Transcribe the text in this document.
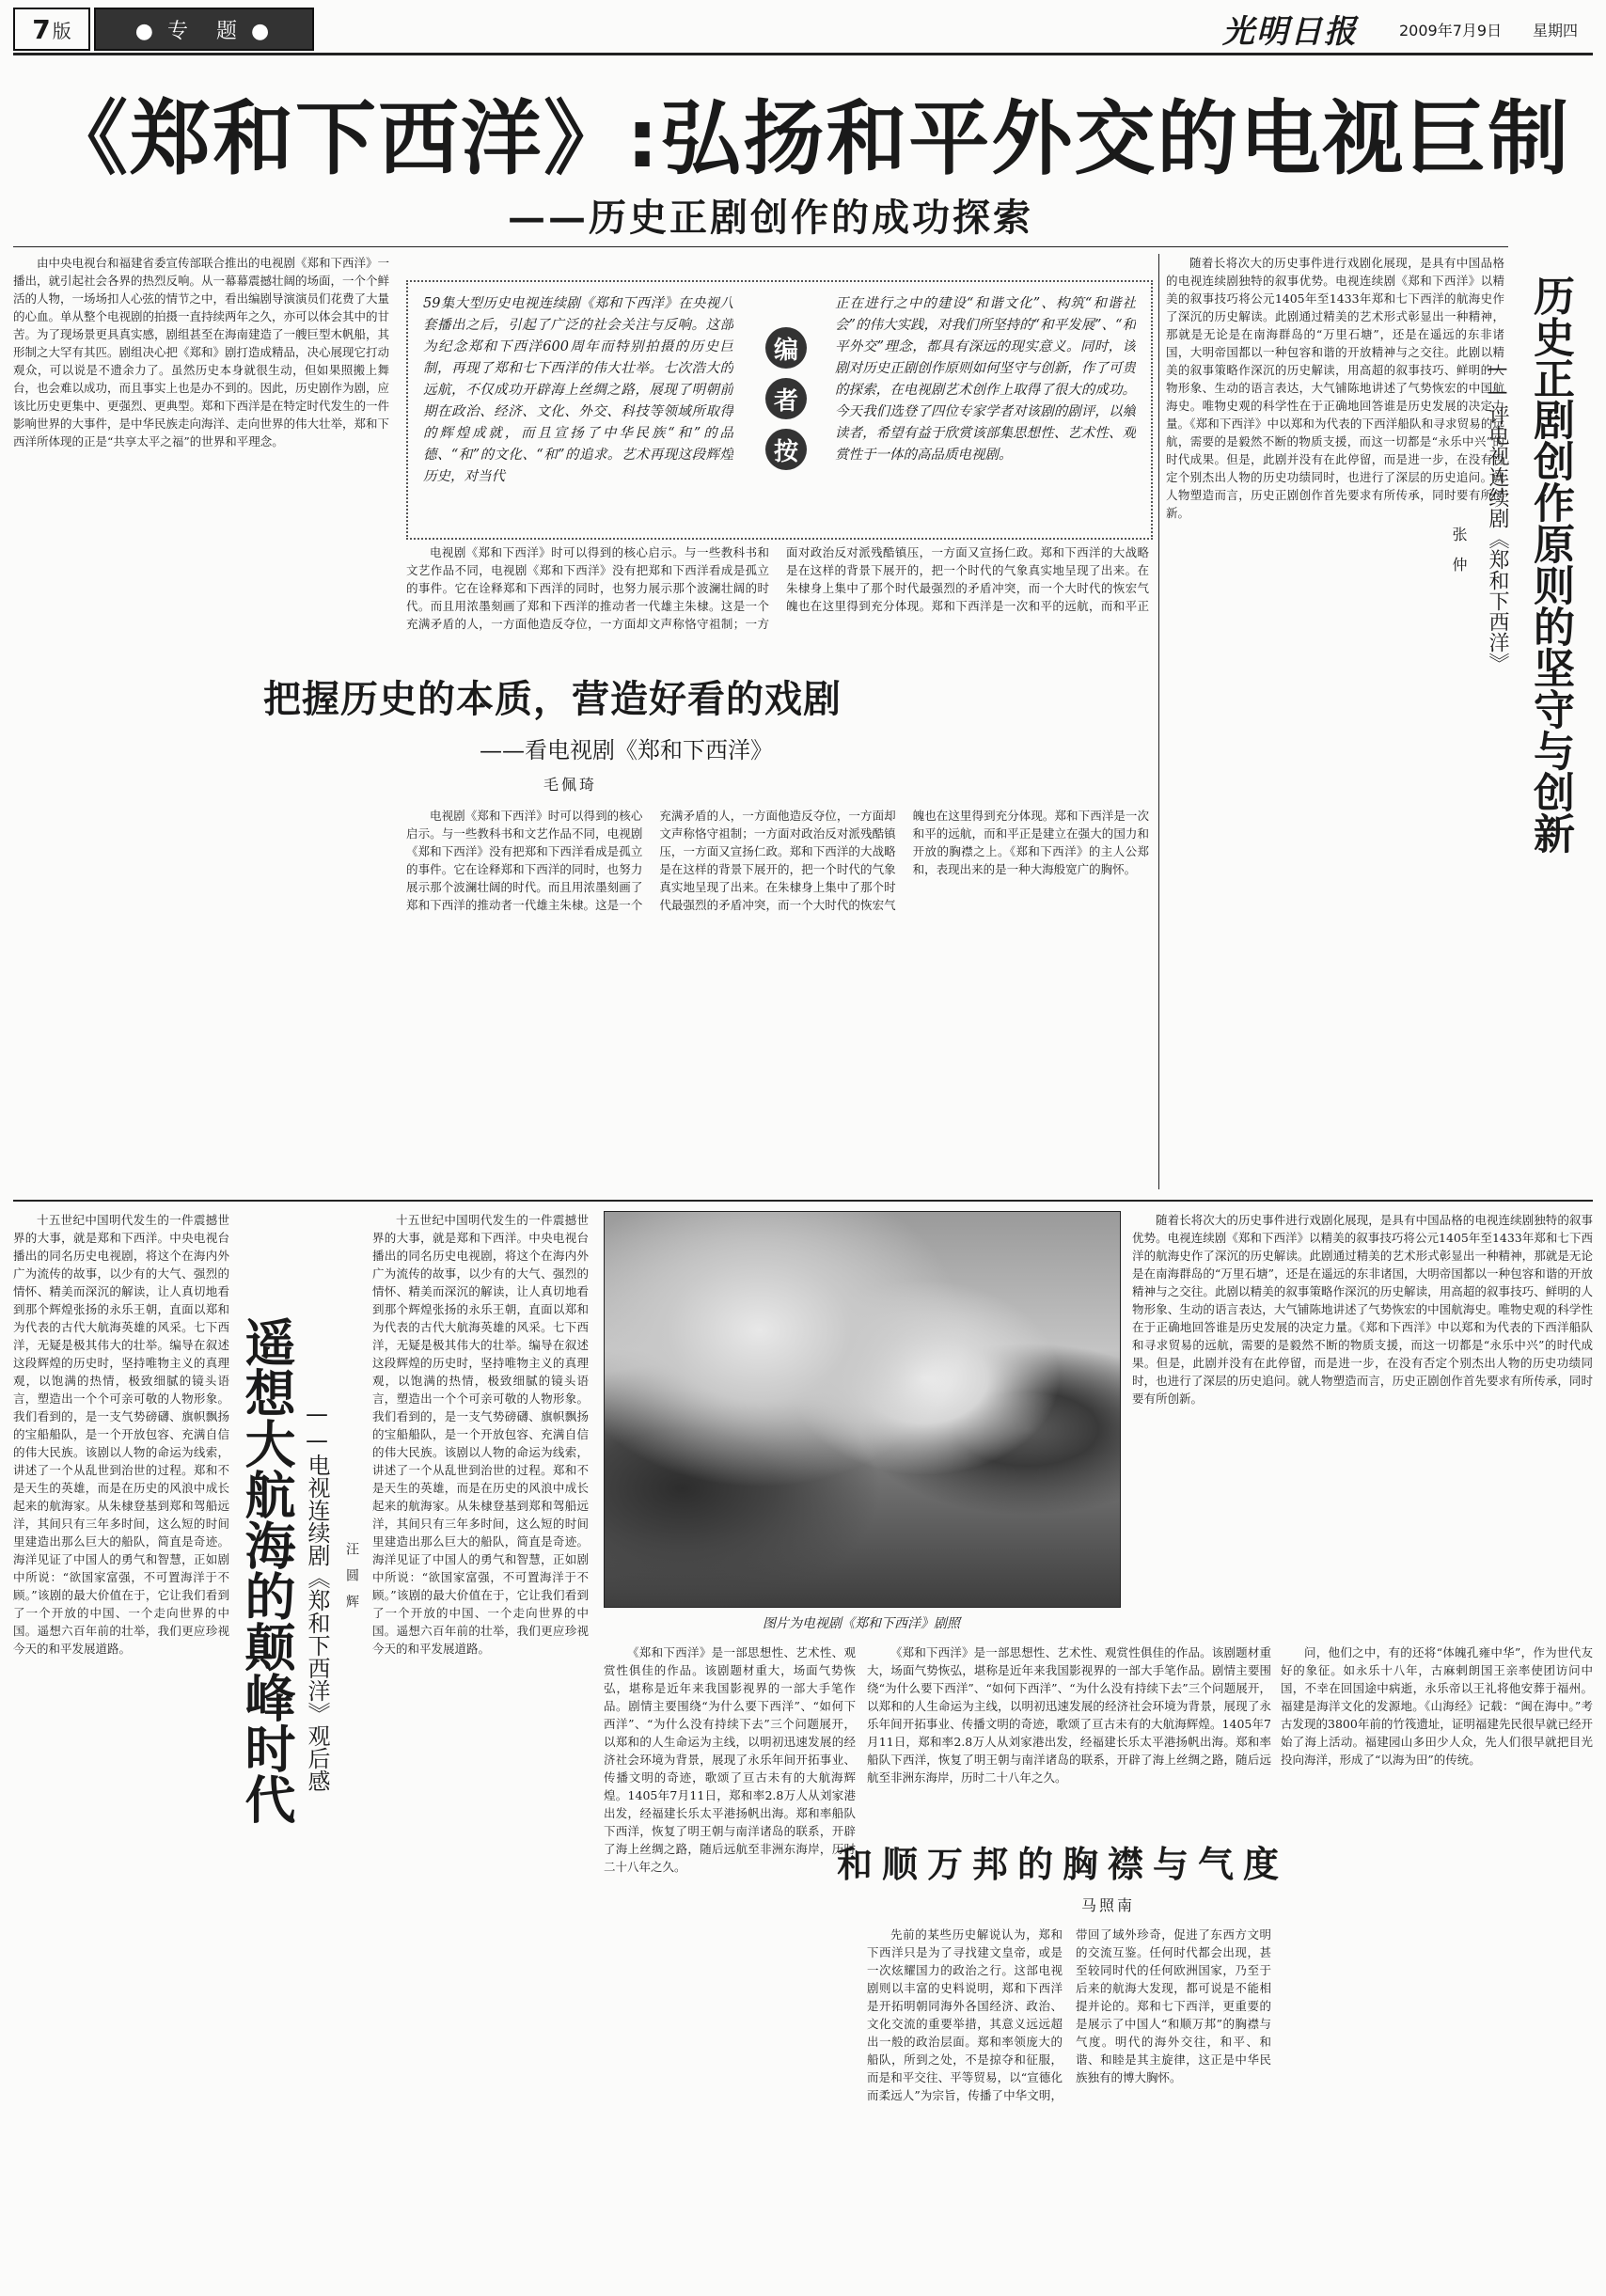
7 版	● 专　题 ●	光明日报	2009年7月9日 星期四
《郑和下西洋》:弘扬和平外交的电视巨制
——历史正剧创作的成功探索

由中央电视台和福建省委宣传部联合推出的电视剧《郑和下西洋》一播出，就引起社会各界的热烈反响。从一幕幕震撼壮阔的场面，一个个鲜活的人物，一场场扣人心弦的情节之中，看出编剧导演演员们花费了大量的心血。单从整个电视剧的拍摄一直持续两年之久，亦可以体会其中的甘苦。为了现场景更具真实感，剧组甚至在海南建造了一艘巨型木帆船，其形制之大罕有其匹。剧组决心把《郑和》剧打造成精品，决心展现它打动观众，可以说是不遗余力了。虽然历史本身就很生动，但如果照搬上舞台，也会难以成功，而且事实上也是办不到的。因此，历史剧作为剧，应该比历史更集中、更强烈、更典型。郑和下西洋是在特定时代发生的一件影响世界的大事件，是中华民族走向海洋、走向世界的伟大壮举，郑和下西洋所体现的正是“共享太平之福”的世界和平理念。

59集大型历史电视连续剧《郑和下西洋》在央视八套播出之后，引起了广泛的社会关注与反响。这部为纪念郑和下西洋600周年而特别拍摄的历史巨制，再现了郑和七下西洋的伟大壮举。七次浩大的远航，不仅成功开辟海上丝绸之路，展现了明朝前期在政治、经济、文化、外交、科技等领域所取得的辉煌成就，而且宣扬了中华民族“和”的品德、“和”的文化、“和”的追求。艺术再现这段辉煌历史，对当代
编
者
按
正在进行之中的建设“和谐文化”、构筑“和谐社会”的伟大实践，对我们所坚持的“和平发展”、“和平外交”理念，都具有深远的现实意义。同时，该剧对历史正剧创作原则如何坚守与创新，作了可贵的探索，在电视剧艺术创作上取得了很大的成功。今天我们选登了四位专家学者对该剧的剧评，以飨读者，希望有益于欣赏该部集思想性、艺术性、观赏性于一体的高品质电视剧。

电视剧《郑和下西洋》时可以得到的核心启示。与一些教科书和文艺作品不同，电视剧《郑和下西洋》没有把郑和下西洋看成是孤立的事件。它在诠释郑和下西洋的同时，也努力展示那个波澜壮阔的时代。而且用浓墨刻画了郑和下西洋的推动者一代雄主朱棣。这是一个充满矛盾的人，一方面他造反夺位，一方面却文声称恪守祖制；一方面对政治反对派残酷镇压，一方面又宣扬仁政。郑和下西洋的大战略是在这样的背景下展开的，把一个时代的气象真实地呈现了出来。在朱棣身上集中了那个时代最强烈的矛盾冲突，而一个大时代的恢宏气魄也在这里得到充分体现。郑和下西洋是一次和平的远航，而和平正

把握历史的本质，营造好看的戏剧
——看电视剧《郑和下西洋》
毛佩琦

电视剧《郑和下西洋》时可以得到的核心启示。与一些教科书和文艺作品不同，电视剧《郑和下西洋》没有把郑和下西洋看成是孤立的事件。它在诠释郑和下西洋的同时，也努力展示那个波澜壮阔的时代。而且用浓墨刻画了郑和下西洋的推动者一代雄主朱棣。这是一个充满矛盾的人，一方面他造反夺位，一方面却文声称恪守祖制；一方面对政治反对派残酷镇压，一方面又宣扬仁政。郑和下西洋的大战略是在这样的背景下展开的，把一个时代的气象真实地呈现了出来。在朱棣身上集中了那个时代最强烈的矛盾冲突，而一个大时代的恢宏气魄也在这里得到充分体现。郑和下西洋是一次和平的远航，而和平正是建立在强大的国力和开放的胸襟之上。《郑和下西洋》的主人公郑和，表现出来的是一种大海般宽广的胸怀。

随着长将次大的历史事件进行戏剧化展现，是具有中国品格的电视连续剧独特的叙事优势。电视连续剧《郑和下西洋》以精美的叙事技巧将公元1405年至1433年郑和七下西洋的航海史作了深沉的历史解读。此剧通过精美的艺术形式彰显出一种精神，那就是无论是在南海群岛的“万里石塘”，还是在遥远的东非诸国，大明帝国都以一种包容和谐的开放精神与之交往。此剧以精美的叙事策略作深沉的历史解读，用高超的叙事技巧、鲜明的人物形象、生动的语言表达，大气铺陈地讲述了气势恢宏的中国航海史。唯物史观的科学性在于正确地回答谁是历史发展的决定力量。《郑和下西洋》中以郑和为代表的下西洋船队和寻求贸易的远航，需要的是毅然不断的物质支援，而这一切都是“永乐中兴”的时代成果。但是，此剧并没有在此停留，而是进一步，在没有否定个别杰出人物的历史功绩同时，也进行了深层的历史追问。就人物塑造而言，历史正剧创作首先要求有所传承，同时要有所创新。	历史正剧创作原则的坚守与创新
——评电视连续剧《郑和下西洋》
张　仲

十五世纪中国明代发生的一件震撼世界的大事，就是郑和下西洋。中央电视台播出的同名历史电视剧，将这个在海内外广为流传的故事，以少有的大气、强烈的情怀、精美而深沉的解读，让人真切地看到那个辉煌张扬的永乐王朝，直面以郑和为代表的古代大航海英雄的风采。七下西洋，无疑是极其伟大的壮举。编导在叙述这段辉煌的历史时，坚持唯物主义的真理观，以饱满的热情，极致细腻的镜头语言，塑造出一个个可亲可敬的人物形象。我们看到的，是一支气势磅礴、旗帜飘扬的宝船船队，是一个开放包容、充满自信的伟大民族。该剧以人物的命运为线索，讲述了一个从乱世到治世的过程。郑和不是天生的英雄，而是在历史的风浪中成长起来的航海家。从朱棣登基到郑和驾船远洋，其间只有三年多时间，这么短的时间里建造出那么巨大的船队，简直是奇迹。海洋见证了中国人的勇气和智慧，正如剧中所说：“欲国家富强，不可置海洋于不顾。”该剧的最大价值在于，它让我们看到了一个开放的中国、一个走向世界的中国。遥想六百年前的壮举，我们更应珍视今天的和平发展道路。	遥想大航海的颠峰时代 ——电视连续剧《郑和下西洋》观后感 汪　圆　辉

十五世纪中国明代发生的一件震撼世界的大事，就是郑和下西洋。中央电视台播出的同名历史电视剧，将这个在海内外广为流传的故事，以少有的大气、强烈的情怀、精美而深沉的解读，让人真切地看到那个辉煌张扬的永乐王朝，直面以郑和为代表的古代大航海英雄的风采。七下西洋，无疑是极其伟大的壮举。编导在叙述这段辉煌的历史时，坚持唯物主义的真理观，以饱满的热情，极致细腻的镜头语言，塑造出一个个可亲可敬的人物形象。我们看到的，是一支气势磅礴、旗帜飘扬的宝船船队，是一个开放包容、充满自信的伟大民族。该剧以人物的命运为线索，讲述了一个从乱世到治世的过程。郑和不是天生的英雄，而是在历史的风浪中成长起来的航海家。从朱棣登基到郑和驾船远洋，其间只有三年多时间，这么短的时间里建造出那么巨大的船队，简直是奇迹。海洋见证了中国人的勇气和智慧，正如剧中所说：“欲国家富强，不可置海洋于不顾。”该剧的最大价值在于，它让我们看到了一个开放的中国、一个走向世界的中国。遥想六百年前的壮举，我们更应珍视今天的和平发展道路。

图片为电视剧《郑和下西洋》剧照

随着长将次大的历史事件进行戏剧化展现，是具有中国品格的电视连续剧独特的叙事优势。电视连续剧《郑和下西洋》以精美的叙事技巧将公元1405年至1433年郑和七下西洋的航海史作了深沉的历史解读。此剧通过精美的艺术形式彰显出一种精神，那就是无论是在南海群岛的“万里石塘”，还是在遥远的东非诸国，大明帝国都以一种包容和谐的开放精神与之交往。此剧以精美的叙事策略作深沉的历史解读，用高超的叙事技巧、鲜明的人物形象、生动的语言表达，大气铺陈地讲述了气势恢宏的中国航海史。唯物史观的科学性在于正确地回答谁是历史发展的决定力量。《郑和下西洋》中以郑和为代表的下西洋船队和寻求贸易的远航，需要的是毅然不断的物质支援，而这一切都是“永乐中兴”的时代成果。但是，此剧并没有在此停留，而是进一步，在没有否定个别杰出人物的历史功绩同时，也进行了深层的历史追问。就人物塑造而言，历史正剧创作首先要求有所传承，同时要有所创新。

《郑和下西洋》是一部思想性、艺术性、观赏性俱佳的作品。该剧题材重大，场面气势恢弘，堪称是近年来我国影视界的一部大手笔作品。剧情主要围绕“为什么要下西洋”、“如何下西洋”、“为什么没有持续下去”三个问题展开，以郑和的人生命运为主线，以明初迅速发展的经济社会环境为背景，展现了永乐年间开拓事业、传播文明的奇迹，歌颂了亘古未有的大航海辉煌。1405年7月11日，郑和率2.8万人从刘家港出发，经福建长乐太平港扬帆出海。郑和率船队下西洋，恢复了明王朝与南洋诸岛的联系，开辟了海上丝绸之路，随后远航至非洲东海岸，历时二十八年之久。

《郑和下西洋》是一部思想性、艺术性、观赏性俱佳的作品。该剧题材重大，场面气势恢弘，堪称是近年来我国影视界的一部大手笔作品。剧情主要围绕“为什么要下西洋”、“如何下西洋”、“为什么没有持续下去”三个问题展开，以郑和的人生命运为主线，以明初迅速发展的经济社会环境为背景，展现了永乐年间开拓事业、传播文明的奇迹，歌颂了亘古未有的大航海辉煌。1405年7月11日，郑和率2.8万人从刘家港出发，经福建长乐太平港扬帆出海。郑和率船队下西洋，恢复了明王朝与南洋诸岛的联系，开辟了海上丝绸之路，随后远航至非洲东海岸，历时二十八年之久。

问，他们之中，有的还将“体魄孔雍中华”，作为世代友好的象征。如永乐十八年，古麻剌朗国王亲率使团访问中国，不幸在回国途中病逝，永乐帝以王礼将他安葬于福州。福建是海洋文化的发源地。《山海经》记载：“闽在海中。”考古发现的3800年前的竹筏遗址，证明福建先民很早就已经开始了海上活动。福建园山多田少人众，先人们很早就把目光投向海洋，形成了“以海为田”的传统。

和顺万邦的胸襟与气度
马照南

先前的某些历史解说认为，郑和下西洋只是为了寻找建文皇帝，或是一次炫耀国力的政治之行。这部电视剧则以丰富的史料说明，郑和下西洋是开拓明朝同海外各国经济、政治、文化交流的重要举措，其意义远远超出一般的政治层面。郑和率领庞大的船队，所到之处，不是掠夺和征服，而是和平交往、平等贸易，以“宣德化而柔远人”为宗旨，传播了中华文明，带回了域外珍奇，促进了东西方文明的交流互鉴。任何时代都会出现，甚至较同时代的任何欧洲国家，乃至于后来的航海大发现，都可说是不能相提并论的。郑和七下西洋，更重要的是展示了中国人“和顺万邦”的胸襟与气度。明代的海外交往，和平、和谐、和睦是其主旋律，这正是中华民族独有的博大胸怀。
